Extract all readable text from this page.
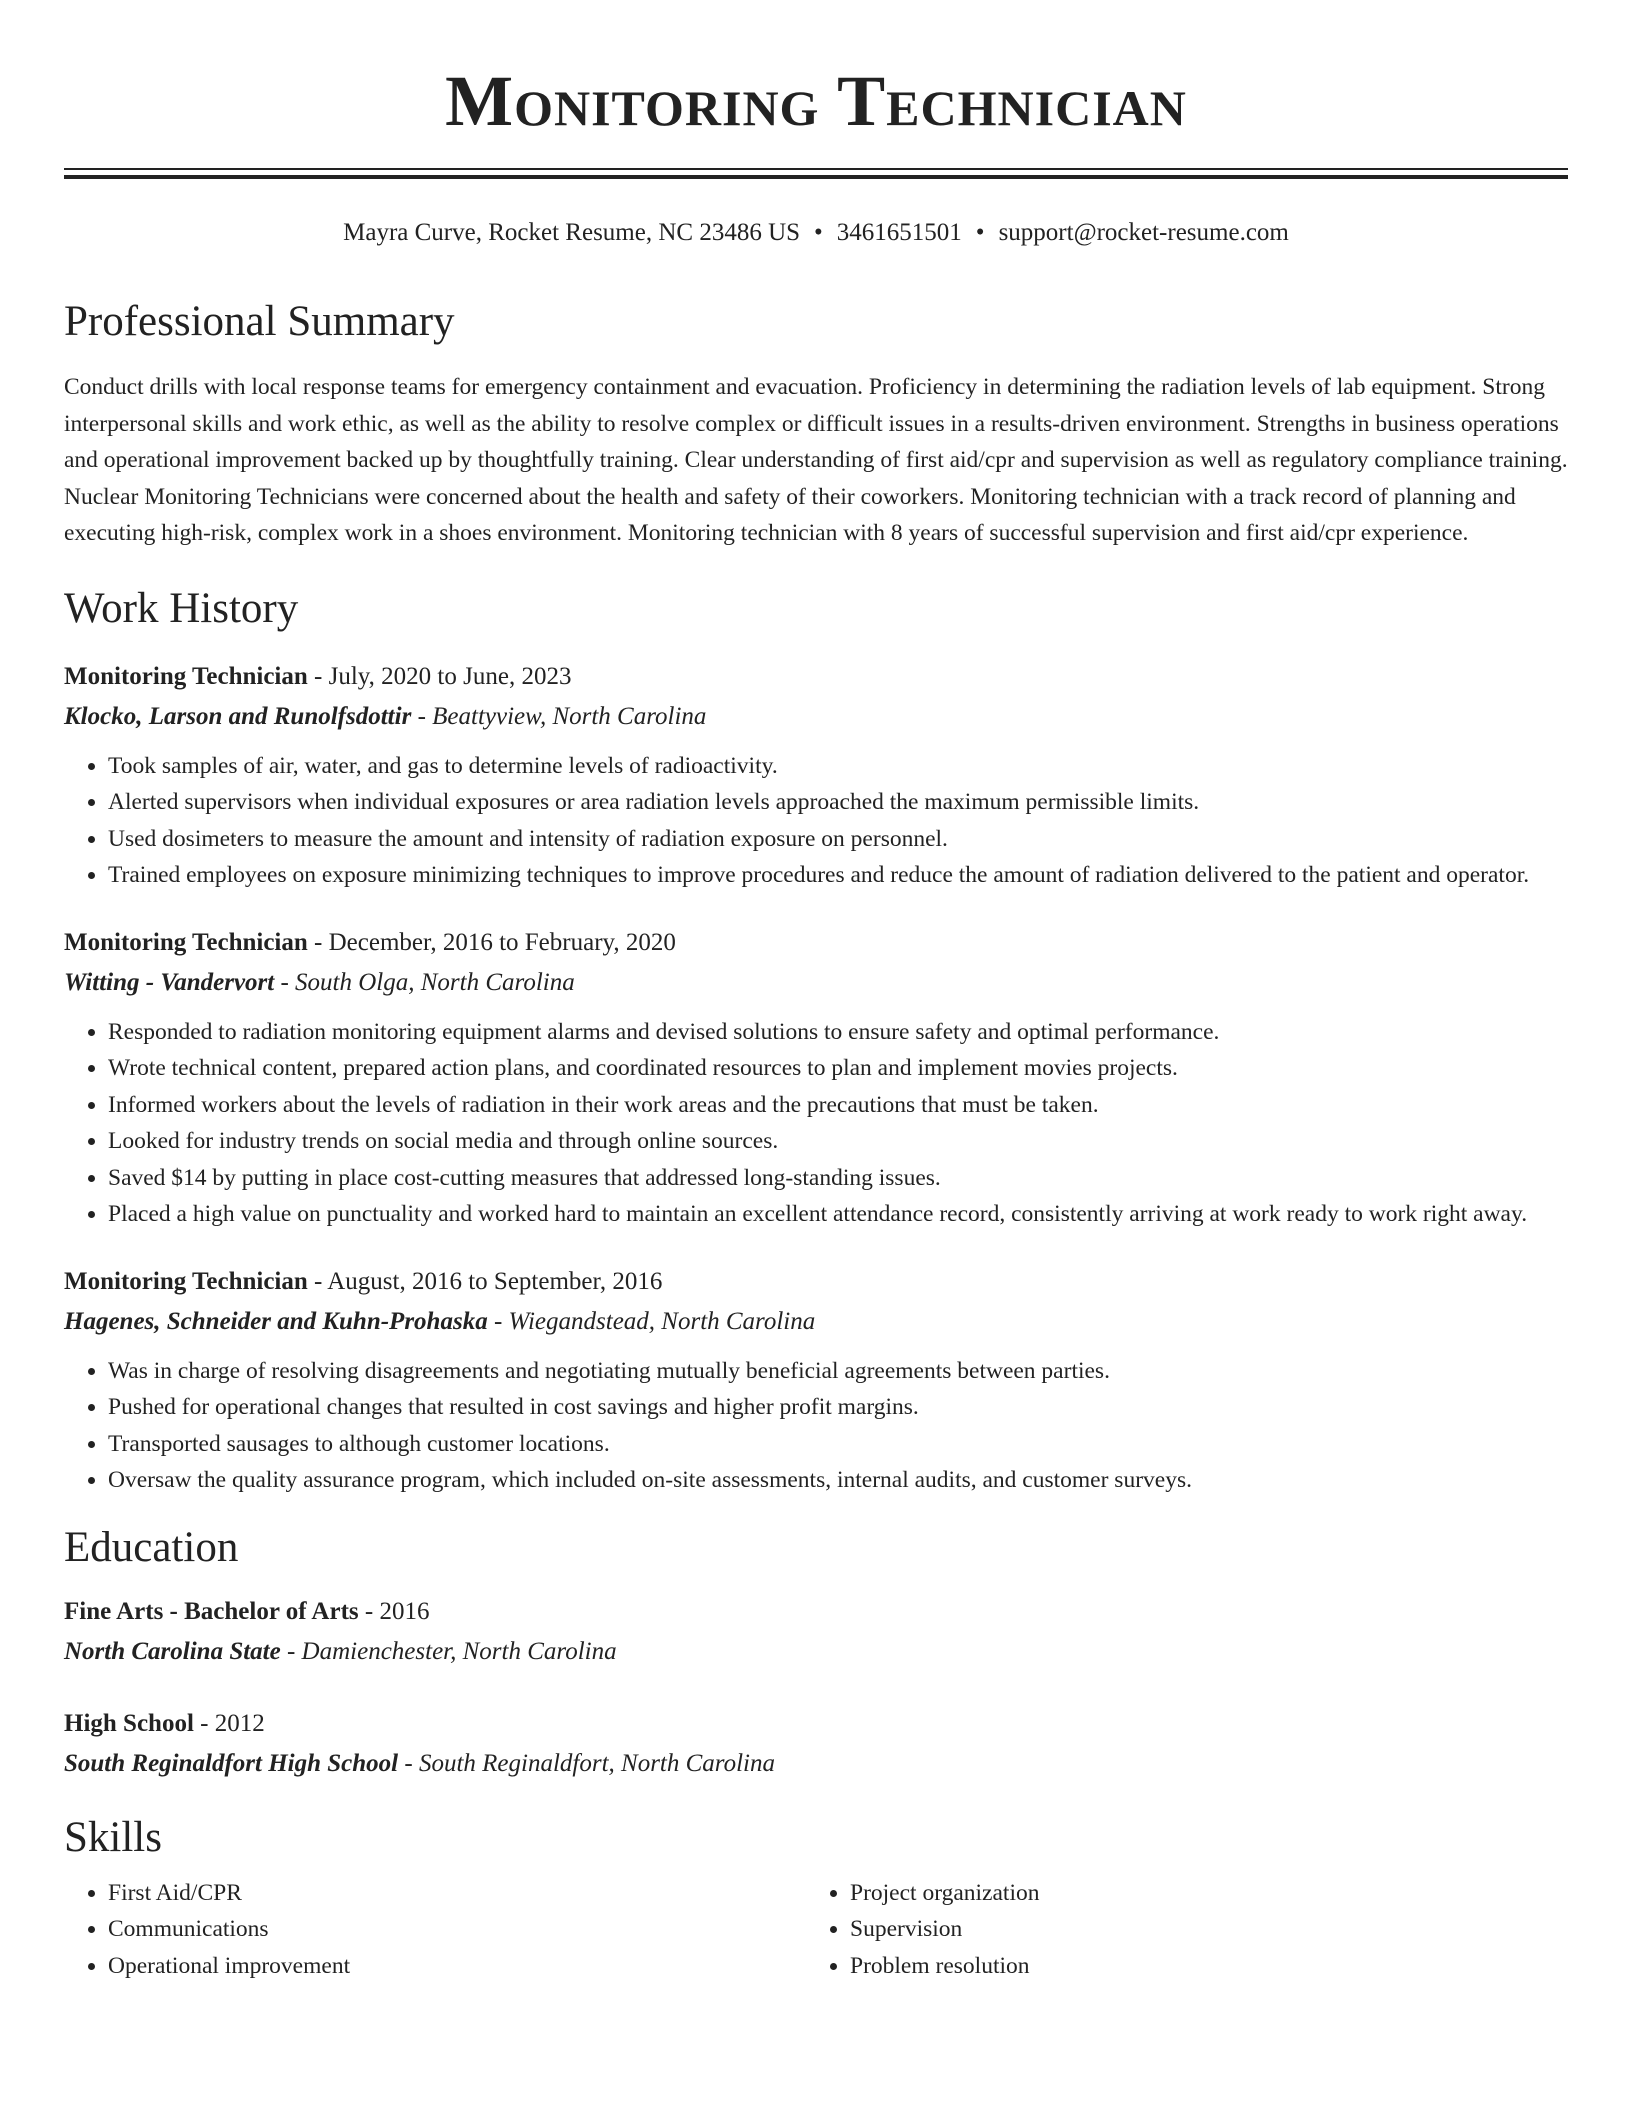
Monitoring Technician
Mayra Curve, Rocket Resume, NC 23486 US • 3461651501 • support@rocket-resume.com
Professional Summary

Conduct drills with local response teams for emergency containment and evacuation. Proficiency in determining the radiation levels of lab equipment. Strong interpersonal skills and work ethic, as well as the ability to resolve complex or difficult issues in a results-driven environment. Strengths in business operations and operational improvement backed up by thoughtfully training. Clear understanding of first aid/cpr and supervision as well as regulatory compliance training. Nuclear Monitoring Technicians were concerned about the health and safety of their coworkers. Monitoring technician with a track record of planning and executing high-risk, complex work in a shoes environment. Monitoring technician with 8 years of successful supervision and first aid/cpr experience.

Work History
Monitoring Technician - July, 2020 to June, 2023
Klocko, Larson and Runolfsdottir - Beattyview, North Carolina
• Took samples of air, water, and gas to determine levels of radioactivity.
• Alerted supervisors when individual exposures or area radiation levels approached the maximum permissible limits.
• Used dosimeters to measure the amount and intensity of radiation exposure on personnel.
• Trained employees on exposure minimizing techniques to improve procedures and reduce the amount of radiation delivered to the patient and operator.
Monitoring Technician - December, 2016 to February, 2020
Witting - Vandervort - South Olga, North Carolina
• Responded to radiation monitoring equipment alarms and devised solutions to ensure safety and optimal performance.
• Wrote technical content, prepared action plans, and coordinated resources to plan and implement movies projects.
• Informed workers about the levels of radiation in their work areas and the precautions that must be taken.
• Looked for industry trends on social media and through online sources.
• Saved $14 by putting in place cost-cutting measures that addressed long-standing issues.
• Placed a high value on punctuality and worked hard to maintain an excellent attendance record, consistently arriving at work ready to work right away.
Monitoring Technician - August, 2016 to September, 2016
Hagenes, Schneider and Kuhn-Prohaska - Wiegandstead, North Carolina
• Was in charge of resolving disagreements and negotiating mutually beneficial agreements between parties.
• Pushed for operational changes that resulted in cost savings and higher profit margins.
• Transported sausages to although customer locations.
• Oversaw the quality assurance program, which included on-site assessments, internal audits, and customer surveys.
Education
Fine Arts - Bachelor of Arts - 2016
North Carolina State - Damienchester, North Carolina
High School - 2012
South Reginaldfort High School - South Reginaldfort, North Carolina
Skills
• First Aid/CPR
• Communications
• Operational improvement
• Project organization
• Supervision
• Problem resolution
